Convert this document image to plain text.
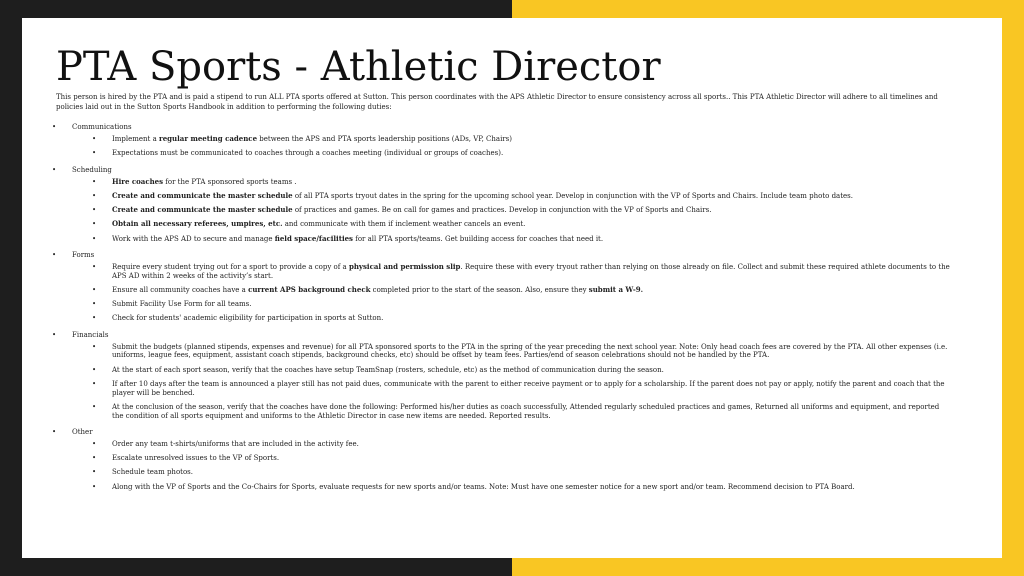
PTA Sports - Athletic Director

This person is hired by the PTA and is paid a stipend to run ALL PTA sports offered at Sutton. This person coordinates with the APS Athletic Director to ensure consistency across all sports.. This PTA Athletic Director will adhere to all timelines and policies laid out in the Sutton Sports Handbook in addition to performing the following duties:

• Communications
• Implement a regular meeting cadence between the APS and PTA sports leadership positions (ADs, VP, Chairs)
• Expectations must be communicated to coaches through a coaches meeting (individual or groups of coaches).
• Scheduling
• Hire coaches for the PTA sponsored sports teams .
• Create and communicate the master schedule of all PTA sports tryout dates in the spring for the upcoming school year. Develop in conjunction with the VP of Sports and Chairs. Include team photo dates.
• Create and communicate the master schedule of practices and games. Be on call for games and practices. Develop in conjunction with the VP of Sports and Chairs.
• Obtain all necessary referees, umpires, etc. and communicate with them if inclement weather cancels an event.
• Work with the APS AD to secure and manage field space/facilities for all PTA sports/teams. Get building access for coaches that need it.
• Forms
• Require every student trying out for a sport to provide a copy of a physical and permission slip. Require these with every tryout rather than relying on those already on file. Collect and submit these required athlete documents to the APS AD within 2 weeks of the activity’s start.
• Ensure all community coaches have a current APS background check completed prior to the start of the season. Also, ensure they submit a W-9.
• Submit Facility Use Form for all teams.
• Check for students' academic eligibility for participation in sports at Sutton.
• Financials
• Submit the budgets (planned stipends, expenses and revenue) for all PTA sponsored sports to the PTA in the spring of the year preceding the next school year. Note: Only head coach fees are covered by the PTA. All other expenses (i.e. uniforms, league fees, equipment, assistant coach stipends, background checks, etc) should be offset by team fees. Parties/end of season celebrations should not be handled by the PTA.
• At the start of each sport season, verify that the coaches have setup TeamSnap (rosters, schedule, etc) as the method of communication during the season.
• If after 10 days after the team is announced a player still has not paid dues, communicate with the parent to either receive payment or to apply for a scholarship. If the parent does not pay or apply, notify the parent and coach that the player will be benched.
• At the conclusion of the season, verify that the coaches have done the following: Performed his/her duties as coach successfully, Attended regularly scheduled practices and games, Returned all uniforms and equipment, and reported the condition of all sports equipment and uniforms to the Athletic Director in case new items are needed. Reported results.
• Other
• Order any team t-shirts/uniforms that are included in the activity fee.
• Escalate unresolved issues to the VP of Sports.
• Schedule team photos.
• Along with the VP of Sports and the Co-Chairs for Sports, evaluate requests for new sports and/or teams. Note: Must have one semester notice for a new sport and/or team. Recommend decision to PTA Board.
